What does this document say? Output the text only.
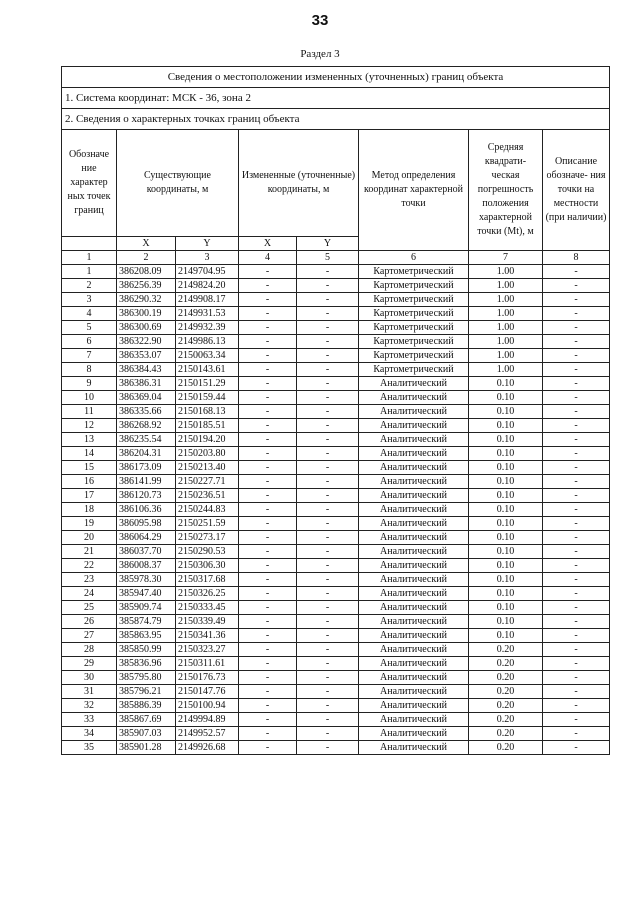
33
Раздел 3
Сведения о местоположении измененных (уточненных) границ объекта							
1. Система координат: МСК - 36, зона 2							
2. Сведения о характерных точках границ объекта							
Обозначе ние характер ных точек границ	Существующие координаты, м		Измененные (уточненные) координаты, м		Метод определения координат характерной точки	Средняя квадрати- ческая погрешность положения характерной точки (Mt), м	Описание обозначе- ния точки на местности (при наличии)
	X	Y	X	Y			
1	2	3	4	5	6	7	8
1	386208.09	2149704.95	-	-	Картометрический	1.00	-
2	386256.39	2149824.20	-	-	Картометрический	1.00	-
3	386290.32	2149908.17	-	-	Картометрический	1.00	-
4	386300.19	2149931.53	-	-	Картометрический	1.00	-
5	386300.69	2149932.39	-	-	Картометрический	1.00	-
6	386322.90	2149986.13	-	-	Картометрический	1.00	-
7	386353.07	2150063.34	-	-	Картометрический	1.00	-
8	386384.43	2150143.61	-	-	Картометрический	1.00	-
9	386386.31	2150151.29	-	-	Аналитический	0.10	-
10	386369.04	2150159.44	-	-	Аналитический	0.10	-
11	386335.66	2150168.13	-	-	Аналитический	0.10	-
12	386268.92	2150185.51	-	-	Аналитический	0.10	-
13	386235.54	2150194.20	-	-	Аналитический	0.10	-
14	386204.31	2150203.80	-	-	Аналитический	0.10	-
15	386173.09	2150213.40	-	-	Аналитический	0.10	-
16	386141.99	2150227.71	-	-	Аналитический	0.10	-
17	386120.73	2150236.51	-	-	Аналитический	0.10	-
18	386106.36	2150244.83	-	-	Аналитический	0.10	-
19	386095.98	2150251.59	-	-	Аналитический	0.10	-
20	386064.29	2150273.17	-	-	Аналитический	0.10	-
21	386037.70	2150290.53	-	-	Аналитический	0.10	-
22	386008.37	2150306.30	-	-	Аналитический	0.10	-
23	385978.30	2150317.68	-	-	Аналитический	0.10	-
24	385947.40	2150326.25	-	-	Аналитический	0.10	-
25	385909.74	2150333.45	-	-	Аналитический	0.10	-
26	385874.79	2150339.49	-	-	Аналитический	0.10	-
27	385863.95	2150341.36	-	-	Аналитический	0.10	-
28	385850.99	2150323.27	-	-	Аналитический	0.20	-
29	385836.96	2150311.61	-	-	Аналитический	0.20	-
30	385795.80	2150176.73	-	-	Аналитический	0.20	-
31	385796.21	2150147.76	-	-	Аналитический	0.20	-
32	385886.39	2150100.94	-	-	Аналитический	0.20	-
33	385867.69	2149994.89	-	-	Аналитический	0.20	-
34	385907.03	2149952.57	-	-	Аналитический	0.20	-
35	385901.28	2149926.68	-	-	Аналитический	0.20	-
